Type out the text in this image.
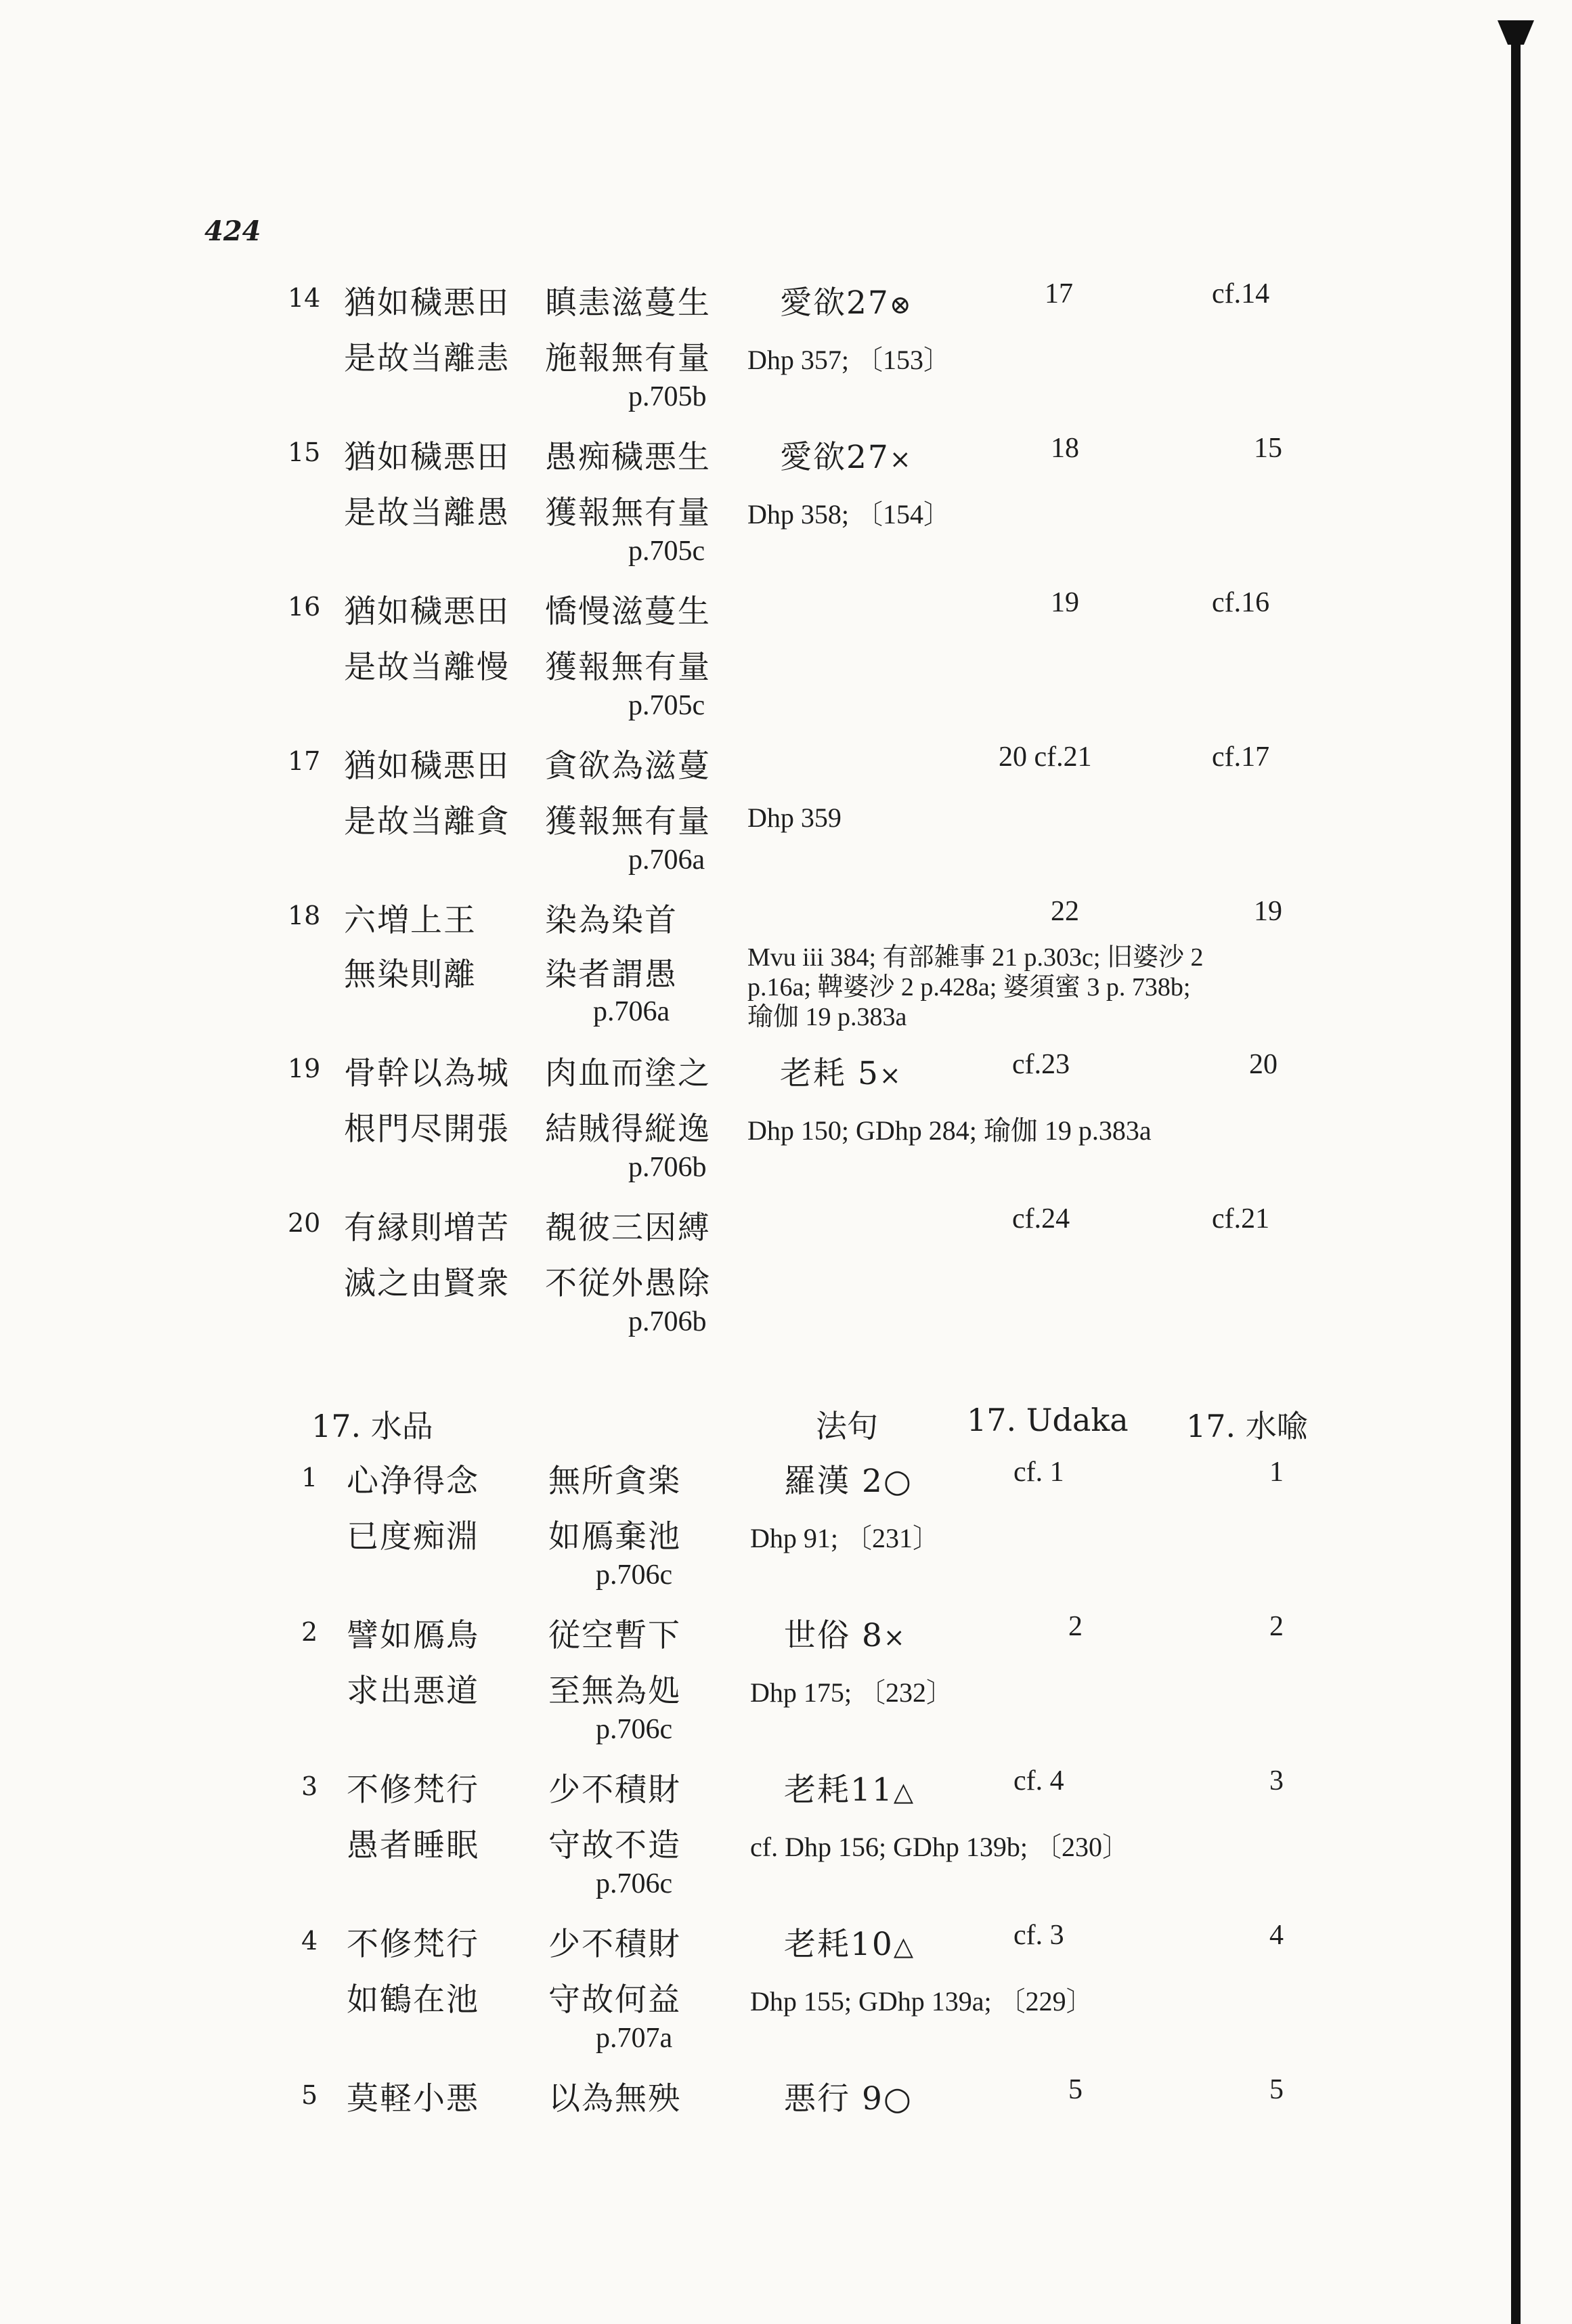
424
14 猶如穢悪田 瞋恚滋蔓生 愛欲27⊗	17	cf.14
是故当離恚 施報無有量 Dhp 357; 〔153〕
p.705b
15 猶如穢悪田 愚痴穢悪生 愛欲27×	18	15
是故当離愚 獲報無有量 Dhp 358; 〔154〕
p.705c
16 猶如穢悪田 憍慢滋蔓生	19	cf.16
是故当離慢 獲報無有量
p.705c
17 猶如穢悪田 貪欲為滋蔓	20 cf.21	cf.17
是故当離貪 獲報無有量 Dhp 359
p.706a
18 六増上王 染為染首	22	19
無染則離 染者謂愚	Mvu iii 384; 有部雑事 21 p.303c; 旧婆沙 2
p.16a; 鞞婆沙 2 p.428a; 婆須蜜 3 p. 738b;
瑜伽 19 p.383a
p.706a
19 骨幹以為城 肉血而塗之 老耗 5×	cf.23	20
根門尽開張 結賊得縦逸 Dhp 150; GDhp 284; 瑜伽 19 p.383a
p.706b
20 有縁則増苦 覩彼三因縛	cf.24	cf.21
滅之由賢衆 不従外愚除
p.706b
17. 水品	法句	17. Udaka 17. 水喩
1 心浄得念 無所貪楽	羅漢 2○	cf. 1	1
已度痴淵 如鴈棄池	Dhp 91; 〔231〕
p.706c
2 譬如鴈鳥 従空暫下	世俗 8×	2	2
求出悪道 至無為処	Dhp 175; 〔232〕
p.706c
3 不修梵行 少不積財	老耗11△	cf. 4	3
愚者睡眠 守故不造	cf. Dhp 156; GDhp 139b; 〔230〕
p.706c
4 不修梵行 少不積財	老耗10△	cf. 3	4
如鶴在池 守故何益	Dhp 155; GDhp 139a; 〔229〕
p.707a
5 莫軽小悪 以為無殃	悪行 9○	5	5
